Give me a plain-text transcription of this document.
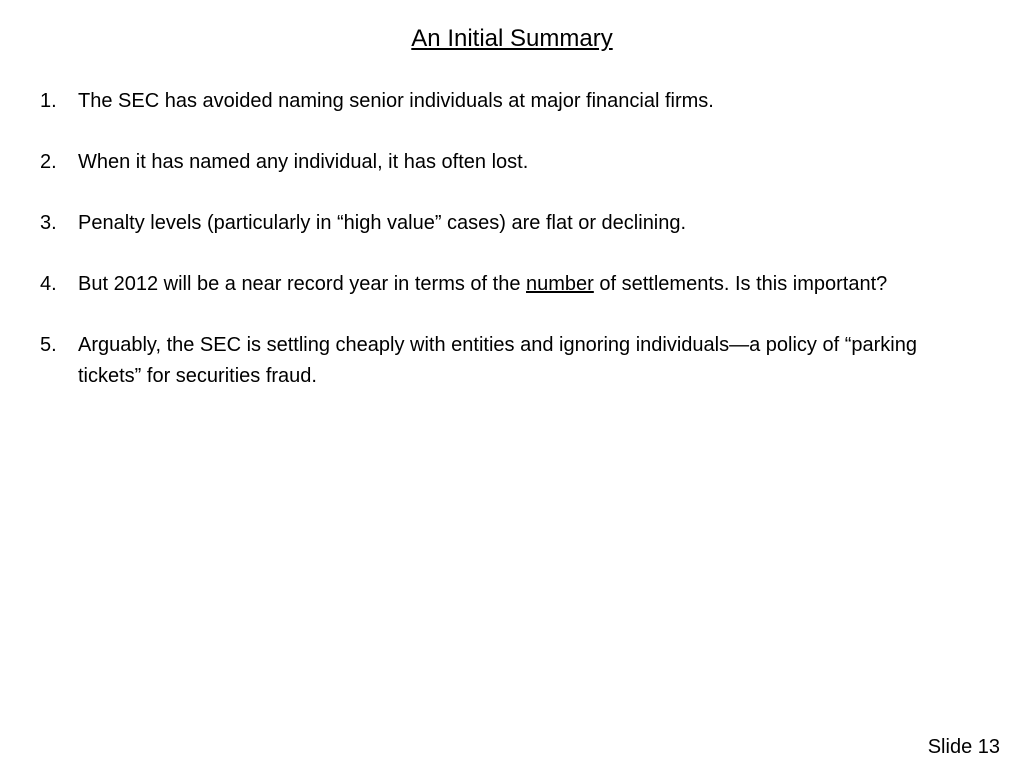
An Initial Summary
1.	The SEC has avoided naming senior individuals at major financial firms.
2.	When it has named any individual, it has often lost.
3.	Penalty levels (particularly in “high value” cases) are flat or declining.
4.	But 2012 will be a near record year in terms of the number of settlements. Is this important?
5.	Arguably, the SEC is settling cheaply with entities and ignoring individuals—a policy of “parking tickets” for securities fraud.
Slide 13
